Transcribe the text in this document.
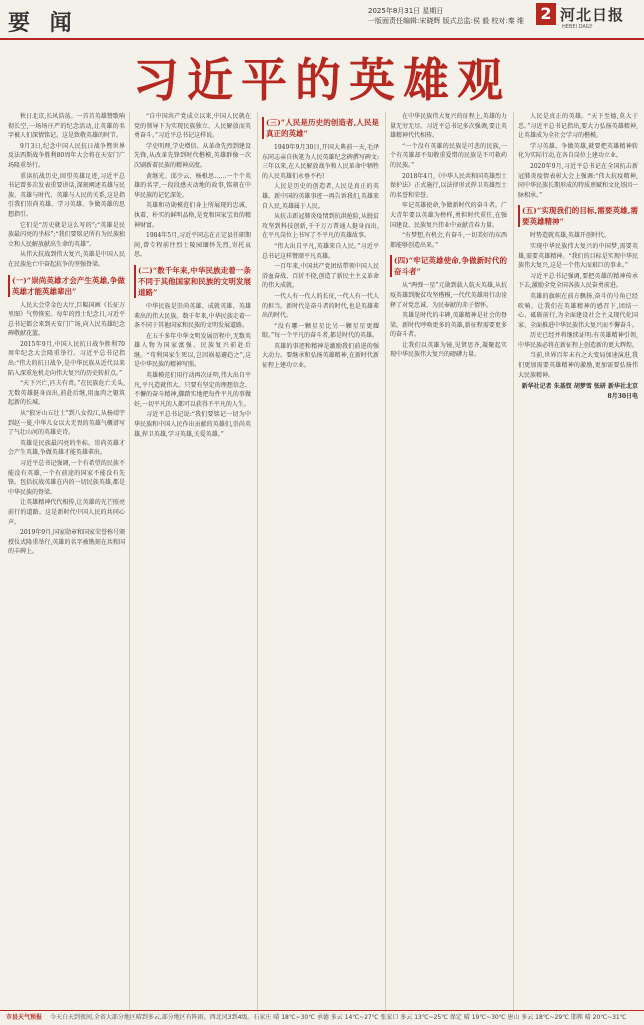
要 闻	2025年8月31日 星期日
一版面责任编辑:宋晓辉 版式总监:侯 毅 校对:秦 维 2 河北日报
HEBEI DAILY
习近平的英雄观

秋日北京,长风浩荡。一首首英雄赞歌响彻长空,一场场庄严的纪念活动,让英雄的名字被人们深情铭记。这是致敬英雄的时节。

9月3日,纪念中国人民抗日战争暨世界反法西斯战争胜利80周年大会将在天安门广场隆重举行。

重读抗战历史,回望英雄足迹,习近平总书记曾多次发表重要讲话,深刻阐述英雄与民族、英雄与时代、英雄与人民的关系,这是指引我们崇尚英雄、学习英雄、争做英雄的思想指引。

它们是“历史就是这么写的”;“英雄是民族最闪亮的坐标”;“我们要铭记所有为民族独立和人民解放献出生命的英雄”。

从伟大抗战到伟大复兴,英雄是中国人民在民族危亡中奋起抗争的坚强脊梁。

(一)“崇尚英雄才会产生英雄,争做英雄才能英雄辈出”

人民大会堂金色大厅,巨幅国画《长征万里图》气势恢宏。每年的烈士纪念日,习近平总书记都会来到天安门广场,向人民英雄纪念碑敬献花篮。

2015年9月,中国人民抗日战争胜利70周年纪念大会隆重举行。习近平总书记指出:“伟大的抗日战争,是中华民族从近代以来陷入深重危机走向伟大复兴的历史转折点。”

“天下兴亡,匹夫有责。”在民族危亡关头,无数英雄挺身而出,前赴后继,用血肉之躯筑起新的长城。

从“狼牙山五壮士”到八女投江,从杨靖宇到赵一曼,中华儿女以大无畏的英雄气概谱写了气壮山河的英雄史诗。

英雄是民族最闪亮的坐标。崇尚英雄才会产生英雄,争做英雄才能英雄辈出。

习近平总书记强调,一个有希望的民族不能没有英雄,一个有前途的国家不能没有先锋。包括抗战英雄在内的一切民族英雄,都是中华民族的脊梁。

让英雄精神代代相传,让英雄的光芒照亮前行的道路。这是新时代中国人民的共同心声。

2019年9月,国家勋章和国家荣誉称号颁授仪式隆重举行,英雄的名字被镌刻在共和国的丰碑上。

“自中国共产党成立以来,中国人民就在党的领导下为实现民族独立、人民解放而英勇奋斗。”习近平总书记这样说。

学史明理,学史增信。从革命先烈到建设先锋,从改革先锋到时代楷模,英雄群像一次次刷新着民族的精神高度。

黄继光、邱少云、杨根思……一个个英雄的名字,一段段感天动地的故事,铭刻在中华民族的记忆深处。

英雄和功勋模范们身上所展现的忠诚、执着、朴实的鲜明品格,是党和国家宝贵的精神财富。

1984年5月,习近平同志在正定县任职期间,曾专程前往烈士陵园缅怀先烈,寄托哀思。

(二)“数千年来,中华民族走着一条不同于其他国家和民族的文明发展道路”

中华民族是崇尚英雄、成就英雄、英雄辈出的伟大民族。数千年来,中华民族走着一条不同于其他国家和民族的文明发展道路。

在五千多年中华文明发展历程中,无数英雄人物为国家富强、民族复兴前赴后继。“苟利国家生死以,岂因祸福避趋之”,这是中华民族的精神写照。

英雄模范们用行动再次证明,伟大出自平凡,平凡造就伟大。只要有坚定的理想信念、不懈的奋斗精神,脚踏实地把每件平凡的事做好,一切平凡的人都可以获得不平凡的人生。

习近平总书记说:“我们要铭记一切为中华民族和中国人民作出贡献的英雄们,崇尚英雄,捍卫英雄,学习英雄,关爱英雄。”

(三)“人民是历史的创造者,人民是真正的英雄”

1949年9月30日,开国大典前一天,毛泽东同志亲自执笔为人民英雄纪念碑撰写碑文:三年以来,在人民解放战争和人民革命中牺牲的人民英雄们永垂不朽!

人民是历史的创造者,人民是真正的英雄。新中国的英雄事迹一再告诉我们,英雄来自人民,英雄属于人民。

从抗击新冠肺炎疫情到抗洪抢险,从脱贫攻坚到科技创新,千千万万普通人挺身而出,在平凡岗位上书写了不平凡的英雄故事。

“伟大出自平凡,英雄来自人民。”习近平总书记这样赞颂平凡英雄。

一百年来,中国共产党团结带领中国人民浴血奋战、百折不挠,创造了新民主主义革命的伟大成就。

一代人有一代人的长征,一代人有一代人的担当。新时代是奋斗者的时代,也是英雄辈出的时代。

“没有哪一颗星星比另一颗星星更耀眼。”每一个平凡的奋斗者,都是时代的英雄。

英雄的事迹和精神是激励我们前进的强大动力。要继承和弘扬英雄精神,在新时代新征程上建功立业。

在中华民族伟大复兴的征程上,英雄的力量无穷无尽。习近平总书记多次强调,要让英雄精神代代相传。

“一个没有英雄的民族是可悲的民族,一个有英雄却不知敬重爱惜的民族是不可救药的民族。”

2018年4月,《中华人民共和国英雄烈士保护法》正式施行,以法律形式捍卫英雄烈士的名誉和荣誉。

牢记英雄使命,争做新时代的奋斗者。广大青年要以英雄为榜样,勇担时代重任,在强国建设、民族复兴伟业中贡献青春力量。

“有梦想,有机会,有奋斗,一切美好的东西都能够创造出来。”

(四)“牢记英雄使命,争做新时代的奋斗者”

从“两弹一星”元勋到载人航天英雄,从抗疫英雄到脱贫攻坚楷模,一代代英雄用行动诠释了对党忠诚、为民奉献的赤子情怀。

英雄是时代的丰碑,英雄精神是社会的脊梁。新时代呼唤更多的英雄,新征程需要更多的奋斗者。

让我们以英雄为镜,见贤思齐,凝聚起实现中华民族伟大复兴的磅礴力量。

人民是真正的英雄。“天下至德,莫大于忠。”习近平总书记指出,要大力弘扬英雄精神,让英雄成为全社会学习的楷模。

学习英雄、争做英雄,就要把英雄精神转化为实际行动,在各自岗位上建功立业。

2020年9月,习近平总书记在全国抗击新冠肺炎疫情表彰大会上强调:“伟大抗疫精神,同中华民族长期形成的特质禀赋和文化基因一脉相承。”

(五)“实现我们的目标,需要英雄,需要英雄精神”

时势造就英雄,英雄开创时代。

实现中华民族伟大复兴的中国梦,需要英雄,需要英雄精神。“我们的目标是实现中华民族伟大复兴,这是一个伟大而艰巨的事业。”

习近平总书记强调,要把英雄的精神传承下去,激励全党全国各族人民奋勇前进。

英雄的旗帜在前方飘扬,奋斗的号角已经吹响。让我们在英雄精神的感召下,团结一心、砥砺前行,为全面建设社会主义现代化国家、全面推进中华民族伟大复兴而不懈奋斗。

历史已经并将继续证明:有英雄精神引领,中华民族必将在新征程上创造新的更大辉煌。

当前,世界百年未有之大变局加速演进,我们更加需要英雄精神的激励,更加需要弘扬伟大民族精神。

新华社记者 朱基钗 胡梦雪 张研 新华社北京8月30日电
市县天气预报 今天白天到夜间,全省大部分地区晴到多云,部分地区有阵雨。西北风3到4级。石家庄 晴 18℃~30℃ 承德 多云 14℃~27℃ 张家口 多云 13℃~25℃ 保定 晴 19℃~30℃ 唐山 多云 18℃~29℃ 邯郸 晴 20℃~31℃
